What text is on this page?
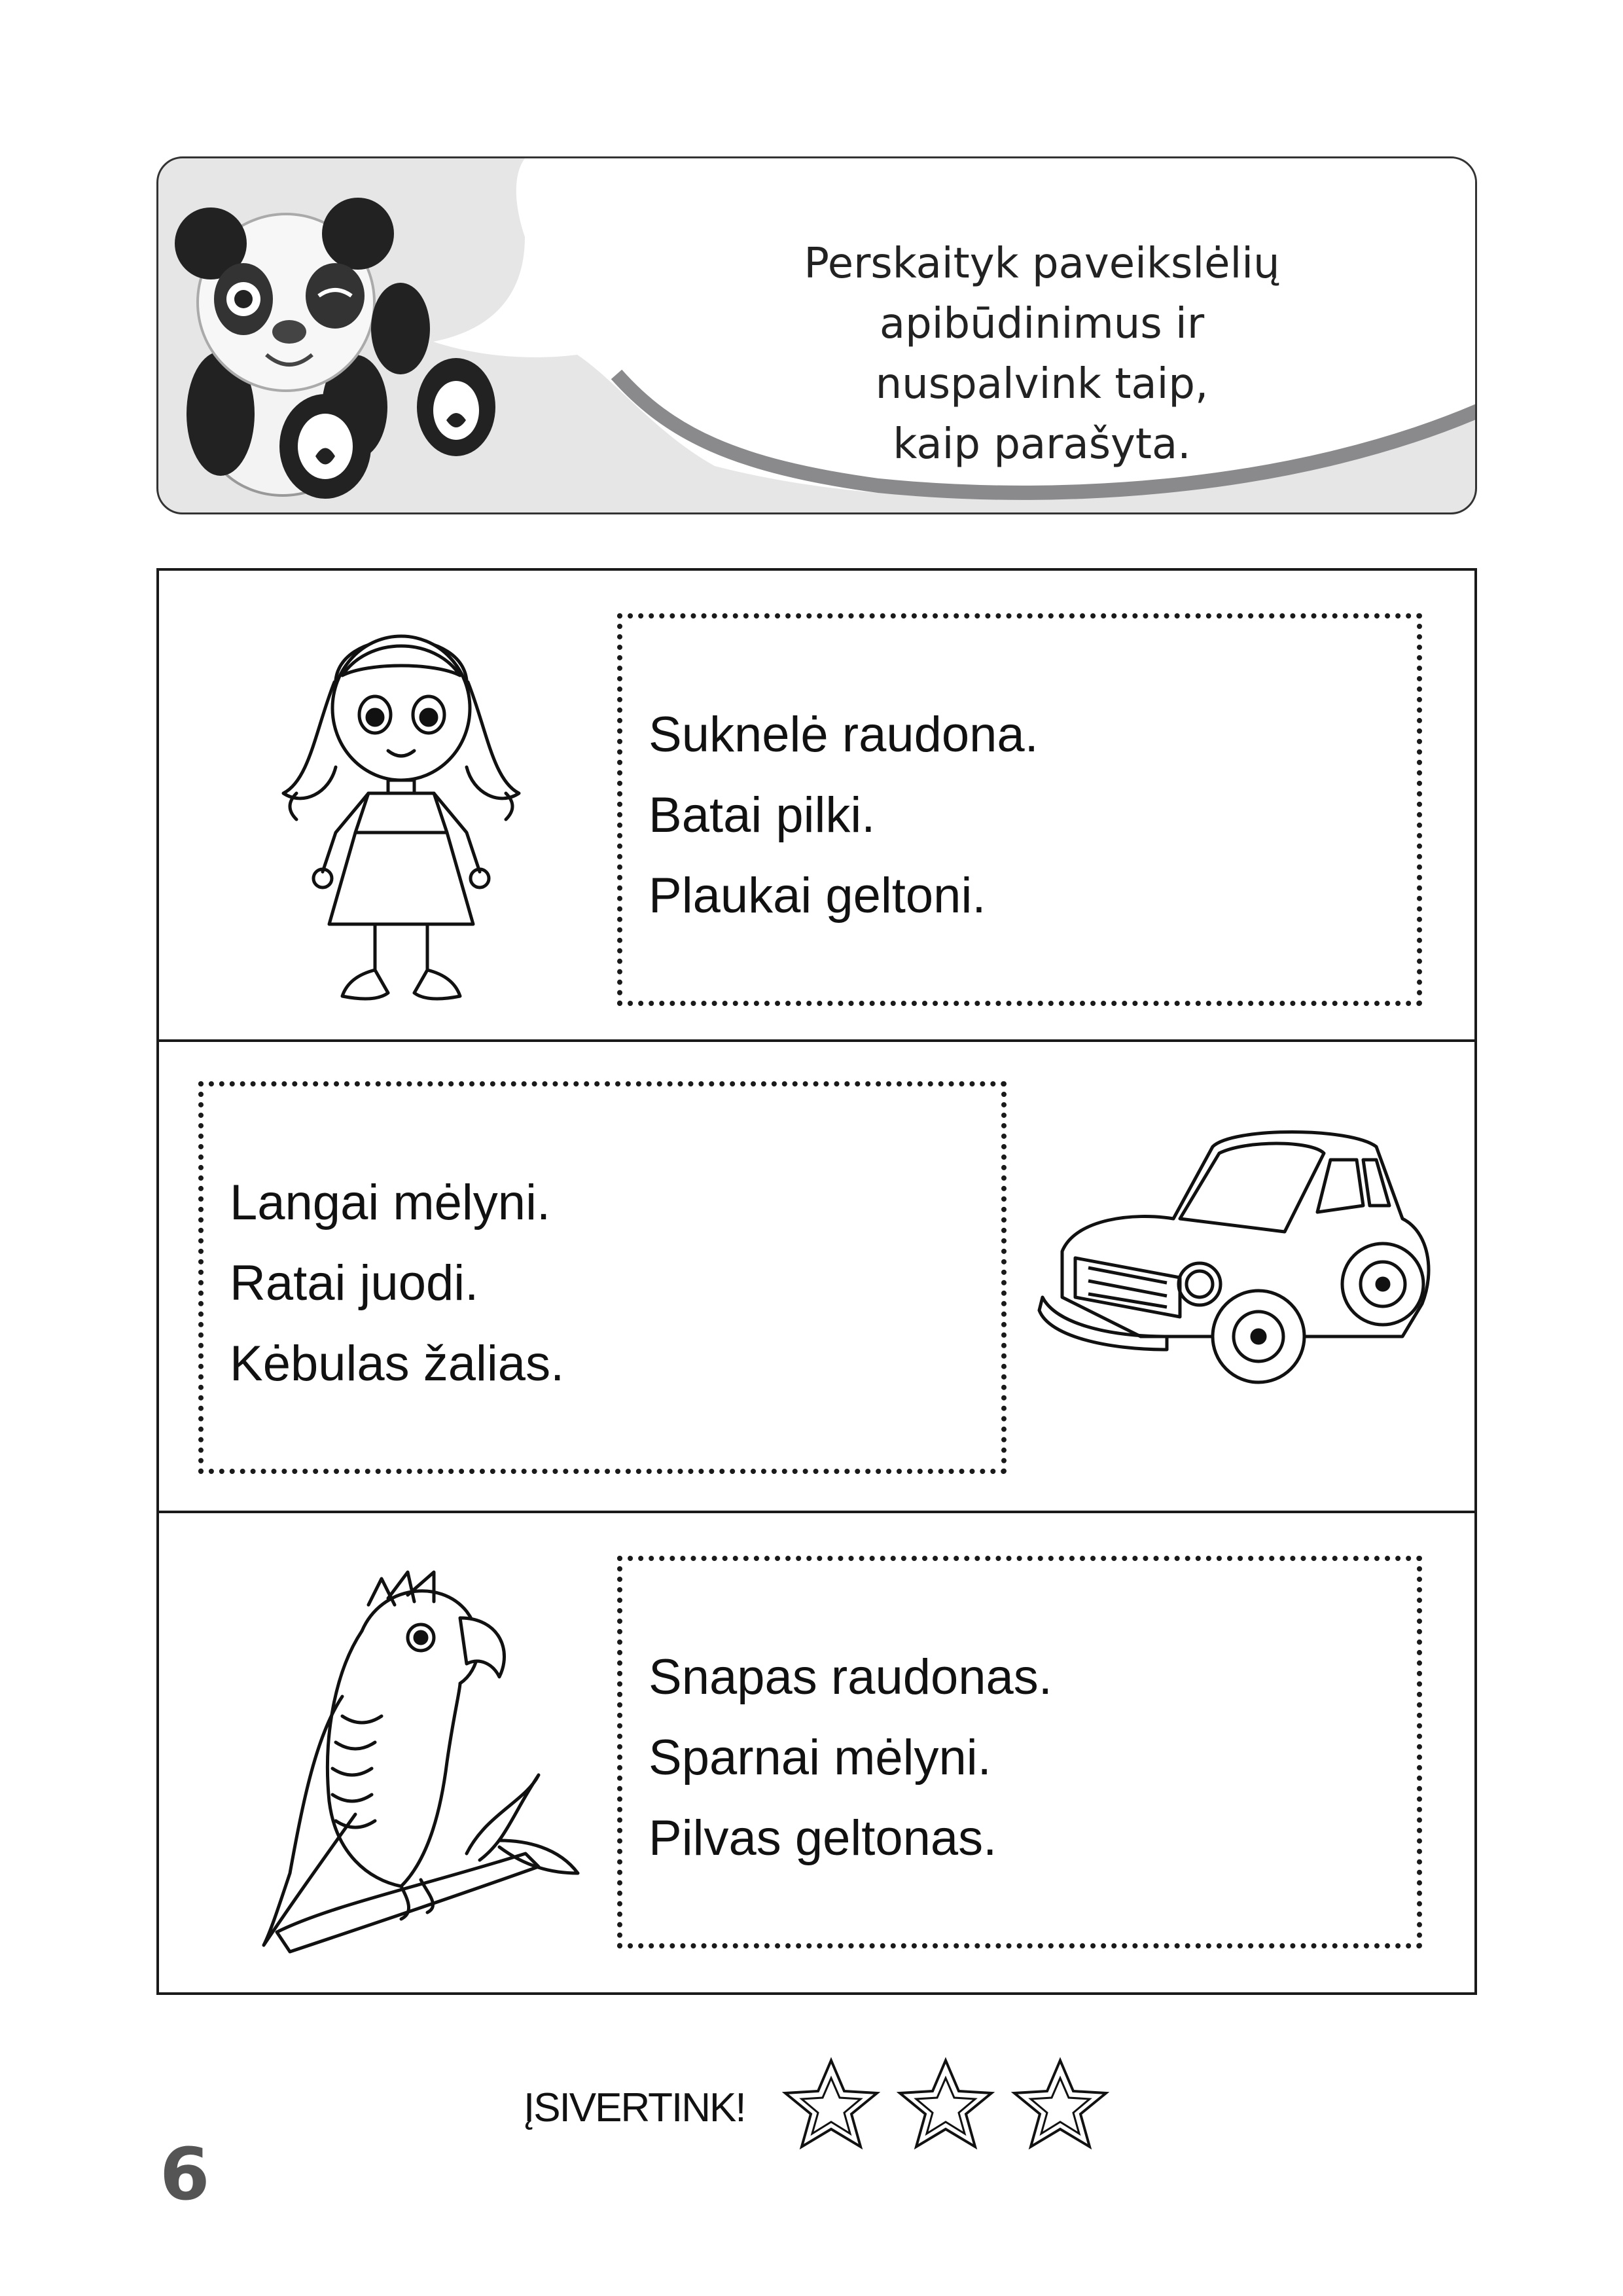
Perskaityk paveikslėlių
apibūdinimus ir nuspalvink taip,
kaip parašyta.
Suknelė raudona.
Batai pilki.
Plaukai geltoni.
Langai mėlyni.
Ratai juodi.
Kėbulas žalias.
Snapas raudonas.
Sparnai mėlyni.
Pilvas geltonas.
ĮSIVERTINK!
6
